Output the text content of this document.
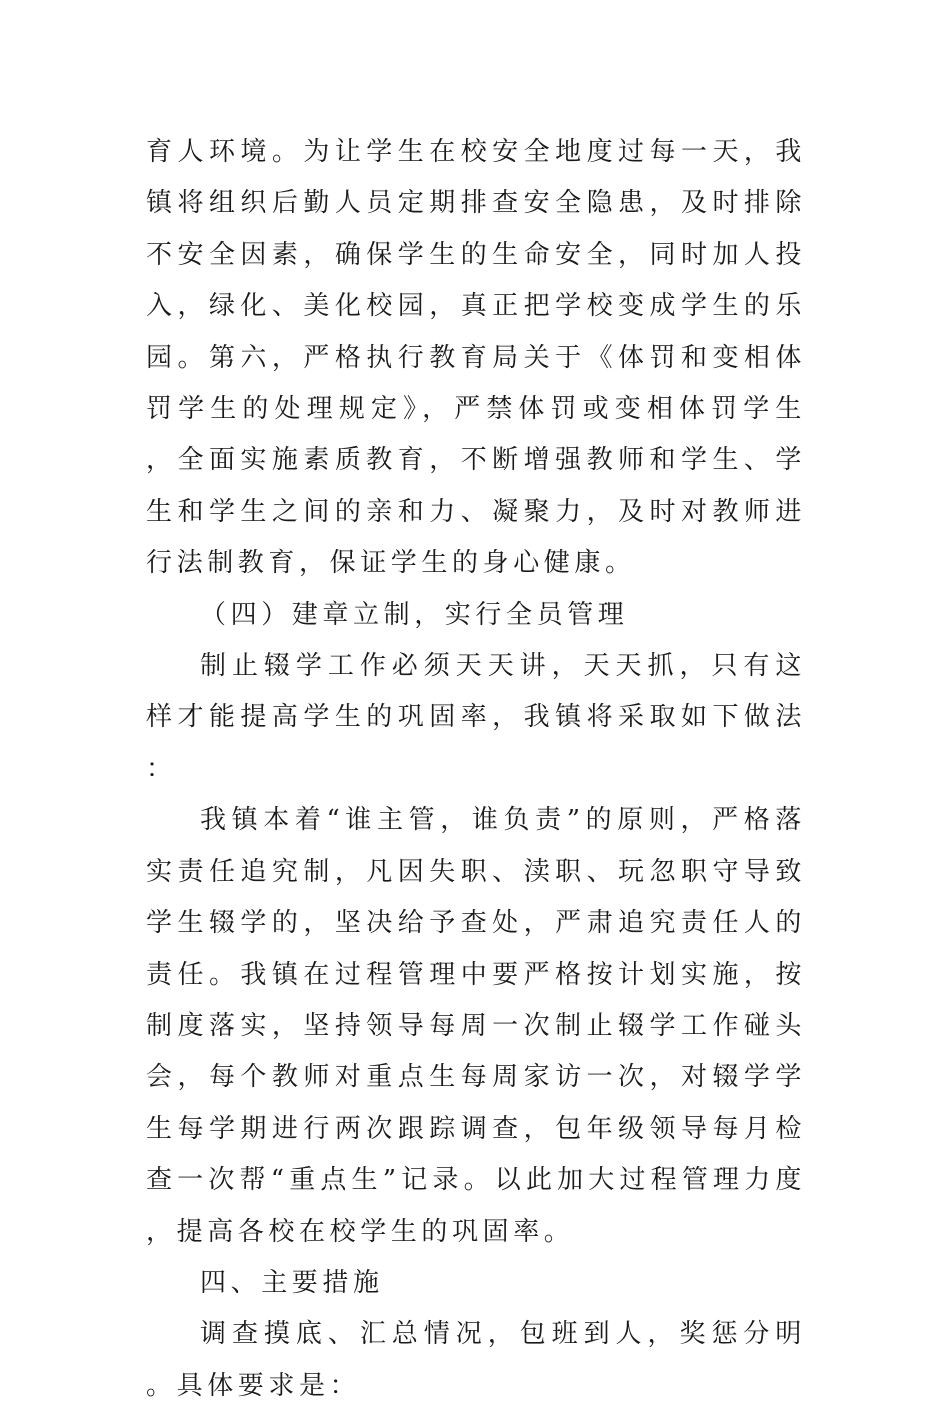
育人环境。为让学生在校安全地度过每一天，我镇将组织后勤人员定期排查安全隐患，及时排除不安全因素，确保学生的生命安全，同时加人投入，绿化、美化校园，真正把学校变成学生的乐园。第六，严格执行教育局关于《体罚和变相体罚学生的处理规定》，严禁体罚或变相体罚学生，全面实施素质教育，不断增强教师和学生、学生和学生之间的亲和力、凝聚力，及时对教师进行法制教育，保证学生的身心健康。

（四）建章立制，实行全员管理

制止辍学工作必须天天讲，天天抓，只有这样才能提高学生的巩固率，我镇将采取如下做法：

我镇本着“谁主管，谁负责”的原则，严格落实责任追究制，凡因失职、渎职、玩忽职守导致学生辍学的，坚决给予查处，严肃追究责任人的责任。我镇在过程管理中要严格按计划实施，按制度落实，坚持领导每周一次制止辍学工作碰头会，每个教师对重点生每周家访一次，对辍学学生每学期进行两次跟踪调查，包年级领导每月检查一次帮“重点生”记录。以此加大过程管理力度，提高各校在校学生的巩固率。

四、主要措施

调查摸底、汇总情况，包班到人，奖惩分明。具体要求是：
